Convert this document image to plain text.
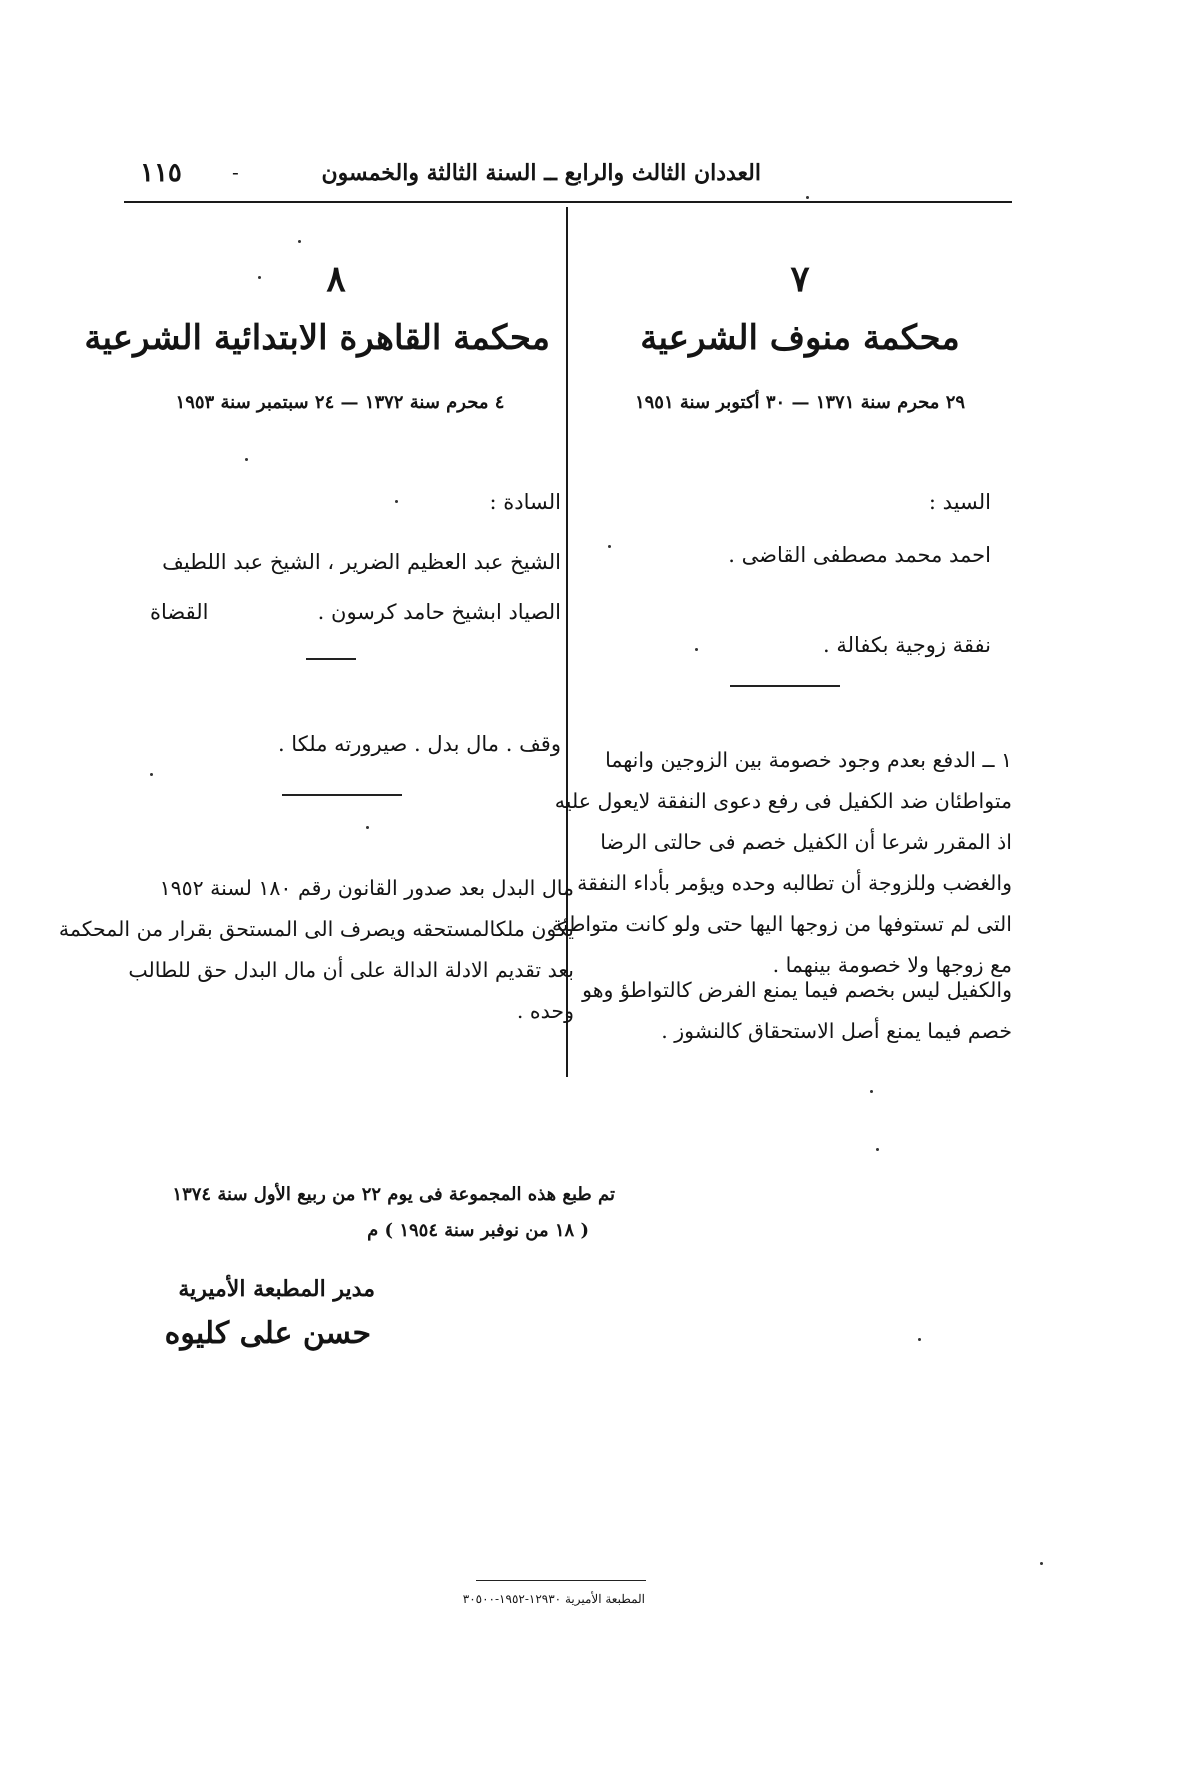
العددان الثالث والرابع ــ السنة الثالثة والخمسون
-
١١٥
٧
محكمة منوف الشرعية
٢٩ محرم سنة ١٣٧١ — ٣٠ أكتوبر سنة ١٩٥١
السيد :
احمد محمد مصطفى القاضى .
نفقة زوجية بكفالة .
١ ــ الدفع بعدم وجود خصومة بين الزوجين وانهما
متواطئان ضد الكفيل فى رفع دعوى النفقة لايعول عليه
اذ المقرر شرعا أن الكفيل خصم فى حالتى الرضا
والغضب وللزوجة أن تطالبه وحده ويؤمر بأداء النفقة
التى لم تستوفها من زوجها اليها حتى ولو كانت متواطئة
مع زوجها ولا خصومة بينهما .
والكفيل ليس بخصم فيما يمنع الفرض كالتواطؤ وهو
خصم فيما يمنع أصل الاستحقاق كالنشوز .
٨
محكمة القاهرة الابتدائية الشرعية
٤ محرم سنة ١٣٧٢ — ٢٤ سبتمبر سنة ١٩٥٣
السادة :
الشيخ عبد العظيم الضرير ، الشيخ عبد اللطيف
الصياد ابشيخ حامد كرسون .
القضاة
وقف . مال بدل . صيرورته ملكا .
مال البدل بعد صدور القانون رقم ١٨٠ لسنة ١٩٥٢
يكون ملكالمستحقه ويصرف الى المستحق بقرار من المحكمة
بعد تقديم الادلة الدالة على أن مال البدل حق للطالب
وحده .
تم طبع هذه المجموعة فى يوم ٢٢ من ربيع الأول سنة ١٣٧٤
( ١٨ من نوفبر سنة ١٩٥٤ ) م
مدير المطبعة الأميرية
حسن على كليوه
المطبعة الأميرية ١٢٩٣٠-١٩٥٢-٣٠٥٠٠
